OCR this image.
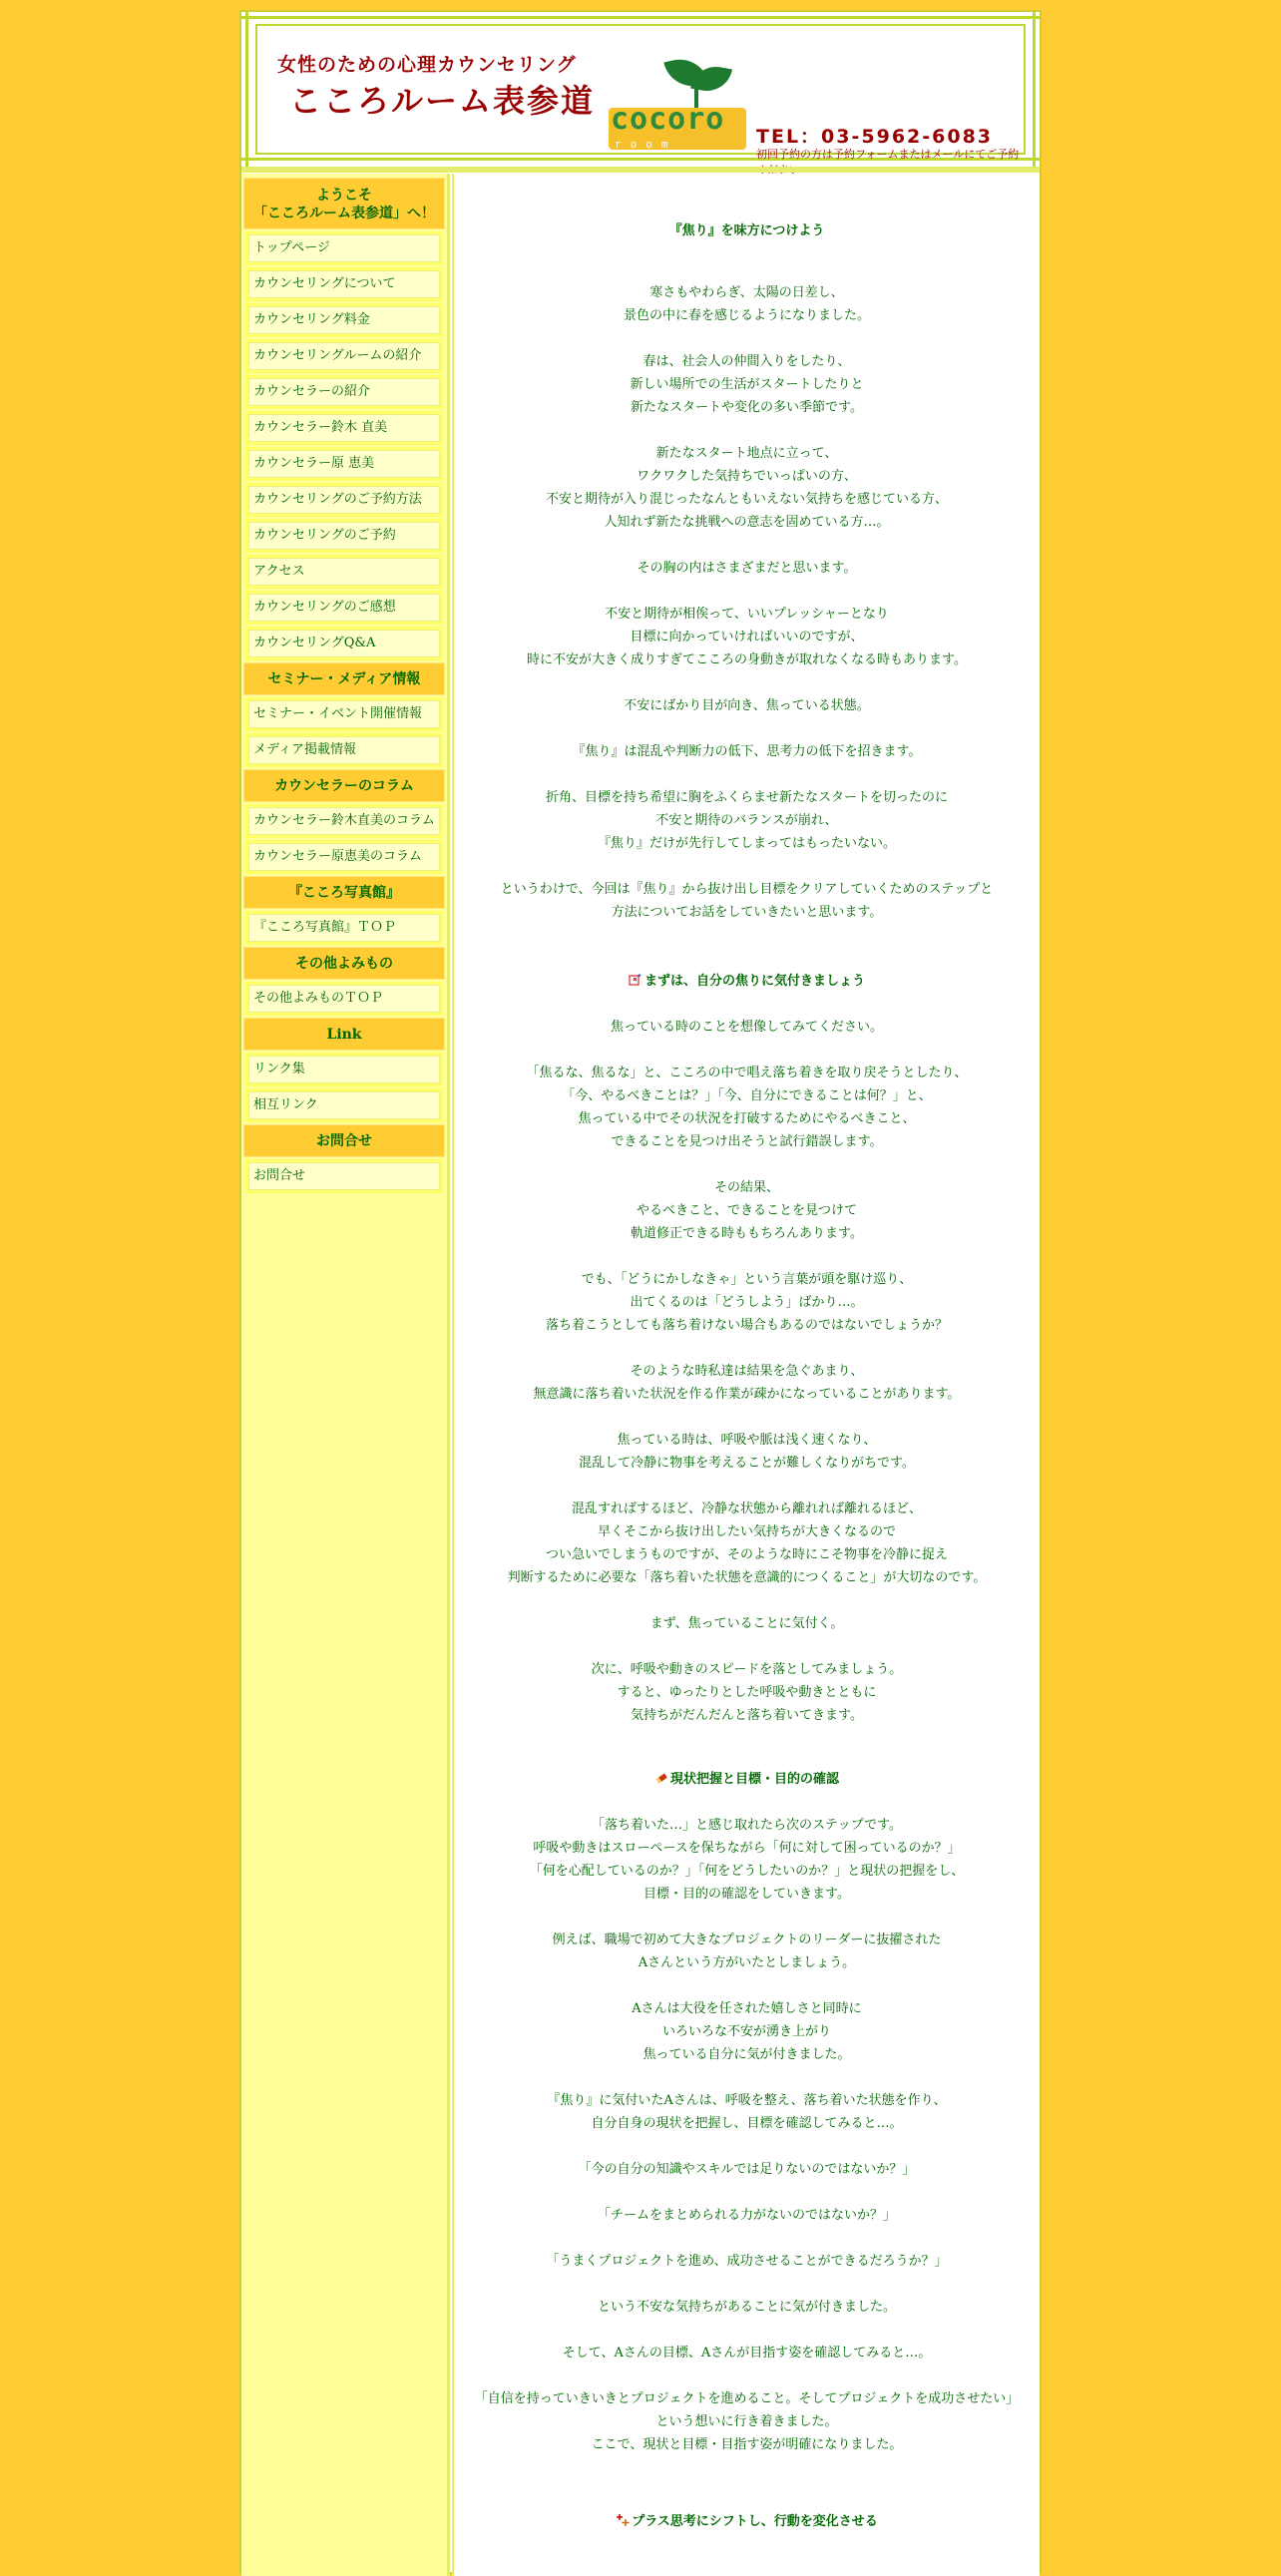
女性のための心理カウンセリング
こころルーム表参道 cocoro
room	TEL：03-5962-6083
初回予約の方は予約フォームまたはメールにてご予約
ようこそ
「こころルーム表参道」へ！
トップページ
カウンセリングについて
カウンセリング料金
カウンセリングルームの紹介
カウンセラーの紹介
カウンセラー鈴木 直美
カウンセラー原 恵美
カウンセリングのご予約方法
カウンセリングのご予約
アクセス
カウンセリングのご感想
カウンセリングQ&A
セミナー・メディア情報
セミナー・イベント開催情報
メディア掲載情報
カウンセラーのコラム
カウンセラー鈴木直美のコラム
カウンセラー原恵美のコラム
『こころ写真館』
『こころ写真館』ＴＯＰ
その他よみもの
その他よみものＴＯＰ
Link
リンク集
相互リンク
お問合せ
お問合せ

『焦り』を味方につけよう

寒さもやわらぎ、太陽の日差し、

景色の中に春を感じるようになりました。

春は、社会人の仲間入りをしたり、

新しい場所での生活がスタートしたりと

新たなスタートや変化の多い季節です。

新たなスタート地点に立って、

ワクワクした気持ちでいっぱいの方、

不安と期待が入り混じったなんともいえない気持ちを感じている方、

人知れず新たな挑戦への意志を固めている方…。

その胸の内はさまざまだと思います。

不安と期待が相俟って、いいプレッシャーとなり

目標に向かっていければいいのですが、

時に不安が大きく成りすぎてこころの身動きが取れなくなる時もあります。

不安にばかり目が向き、焦っている状態。

『焦り』は混乱や判断力の低下、思考力の低下を招きます。

折角、目標を持ち希望に胸をふくらませ新たなスタートを切ったのに

不安と期待のバランスが崩れ、

『焦り』だけが先行してしまってはもったいない。

というわけで、今回は『焦り』から抜け出し目標をクリアしていくためのステップと

方法についてお話をしていきたいと思います。

まずは、自分の焦りに気付きましょう

焦っている時のことを想像してみてください。

「焦るな、焦るな」と、こころの中で唱え落ち着きを取り戻そうとしたり、

「今、やるべきことは？」「今、自分にできることは何？」と、

焦っている中でその状況を打破するためにやるべきこと、

できることを見つけ出そうと試行錯誤します。

その結果、

やるべきこと、できることを見つけて

軌道修正できる時ももちろんあります。

でも、「どうにかしなきゃ」という言葉が頭を駆け巡り、

出てくるのは「どうしよう」ばかり…。

落ち着こうとしても落ち着けない場合もあるのではないでしょうか？

そのような時私達は結果を急ぐあまり、

無意識に落ち着いた状況を作る作業が疎かになっていることがあります。

焦っている時は、呼吸や脈は浅く速くなり、

混乱して冷静に物事を考えることが難しくなりがちです。

混乱すればするほど、冷静な状態から離れれば離れるほど、

早くそこから抜け出したい気持ちが大きくなるので

つい急いでしまうものですが、そのような時にこそ物事を冷静に捉え

判断するために必要な「落ち着いた状態を意識的につくること」が大切なのです。

まず、焦っていることに気付く。

次に、呼吸や動きのスピードを落としてみましょう。

すると、ゆったりとした呼吸や動きとともに

気持ちがだんだんと落ち着いてきます。

現状把握と目標・目的の確認

「落ち着いた…」と感じ取れたら次のステップです。

呼吸や動きはスローペースを保ちながら「何に対して困っているのか？」

「何を心配しているのか？」「何をどうしたいのか？」と現状の把握をし、

目標・目的の確認をしていきます。

例えば、職場で初めて大きなプロジェクトのリーダーに抜擢された

Aさんという方がいたとしましょう。

Aさんは大役を任された嬉しさと同時に

いろいろな不安が湧き上がり

焦っている自分に気が付きました。

『焦り』に気付いたAさんは、呼吸を整え、落ち着いた状態を作り、

自分自身の現状を把握し、目標を確認してみると…。

「今の自分の知識やスキルでは足りないのではないか？」

「チームをまとめられる力がないのではないか？」

「うまくプロジェクトを進め、成功させることができるだろうか？」

という不安な気持ちがあることに気が付きました。

そして、Aさんの目標、Aさんが目指す姿を確認してみると…。

「自信を持っていきいきとプロジェクトを進めること。そしてプロジェクトを成功させたい」

という想いに行き着きました。

ここで、現状と目標・目指す姿が明確になりました。

プラス思考にシフトし、行動を変化させる
